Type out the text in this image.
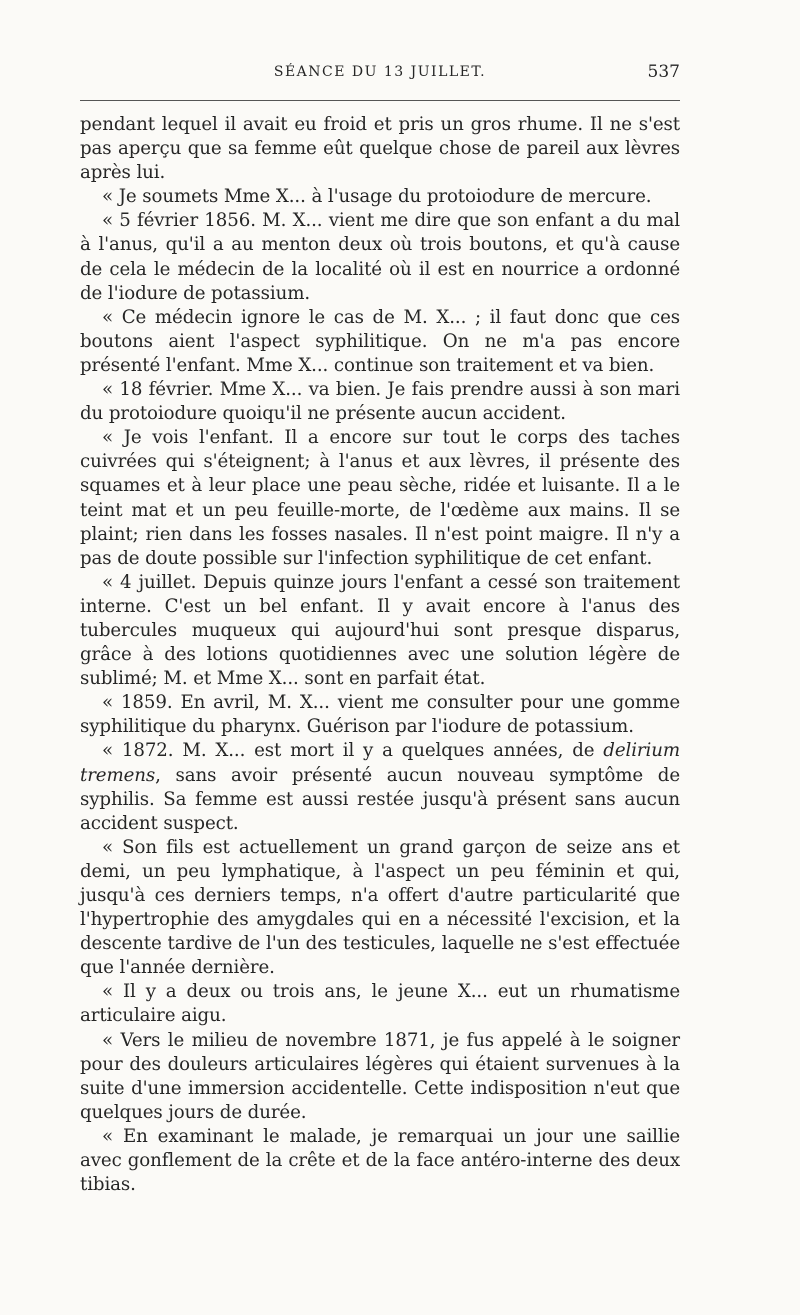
SÉANCE DU 13 JUILLET.	537

pendant lequel il avait eu froid et pris un gros rhume. Il ne s'est pas aperçu que sa femme eût quelque chose de pareil aux lèvres après lui.

« Je soumets Mme X... à l'usage du protoiodure de mercure.

« 5 février 1856. M. X... vient me dire que son enfant a du mal à l'anus, qu'il a au menton deux où trois boutons, et qu'à cause de cela le médecin de la localité où il est en nourrice a ordonné de l'iodure de potassium.

« Ce médecin ignore le cas de M. X... ; il faut donc que ces boutons aient l'aspect syphilitique. On ne m'a pas encore présenté l'enfant. Mme X... continue son traitement et va bien.

« 18 février. Mme X... va bien. Je fais prendre aussi à son mari du protoiodure quoiqu'il ne présente aucun accident.

« Je vois l'enfant. Il a encore sur tout le corps des taches cuivrées qui s'éteignent; à l'anus et aux lèvres, il présente des squames et à leur place une peau sèche, ridée et luisante. Il a le teint mat et un peu feuille-morte, de l'œdème aux mains. Il se plaint; rien dans les fosses nasales. Il n'est point maigre. Il n'y a pas de doute possible sur l'infection syphilitique de cet enfant.

« 4 juillet. Depuis quinze jours l'enfant a cessé son traitement interne. C'est un bel enfant. Il y avait encore à l'anus des tubercules muqueux qui aujourd'hui sont presque disparus, grâce à des lotions quotidiennes avec une solution légère de sublimé; M. et Mme X... sont en parfait état.

« 1859. En avril, M. X... vient me consulter pour une gomme syphilitique du pharynx. Guérison par l'iodure de potassium.

« 1872. M. X... est mort il y a quelques années, de delirium tremens, sans avoir présenté aucun nouveau symptôme de syphilis. Sa femme est aussi restée jusqu'à présent sans aucun accident suspect.

« Son fils est actuellement un grand garçon de seize ans et demi, un peu lymphatique, à l'aspect un peu féminin et qui, jusqu'à ces derniers temps, n'a offert d'autre particularité que l'hypertrophie des amygdales qui en a nécessité l'excision, et la descente tardive de l'un des testicules, laquelle ne s'est effectuée que l'année dernière.

« Il y a deux ou trois ans, le jeune X... eut un rhumatisme articulaire aigu.

« Vers le milieu de novembre 1871, je fus appelé à le soigner pour des douleurs articulaires légères qui étaient survenues à la suite d'une immersion accidentelle. Cette indisposition n'eut que quelques jours de durée.

« En examinant le malade, je remarquai un jour une saillie avec gonflement de la crête et de la face antéro-interne des deux tibias.
